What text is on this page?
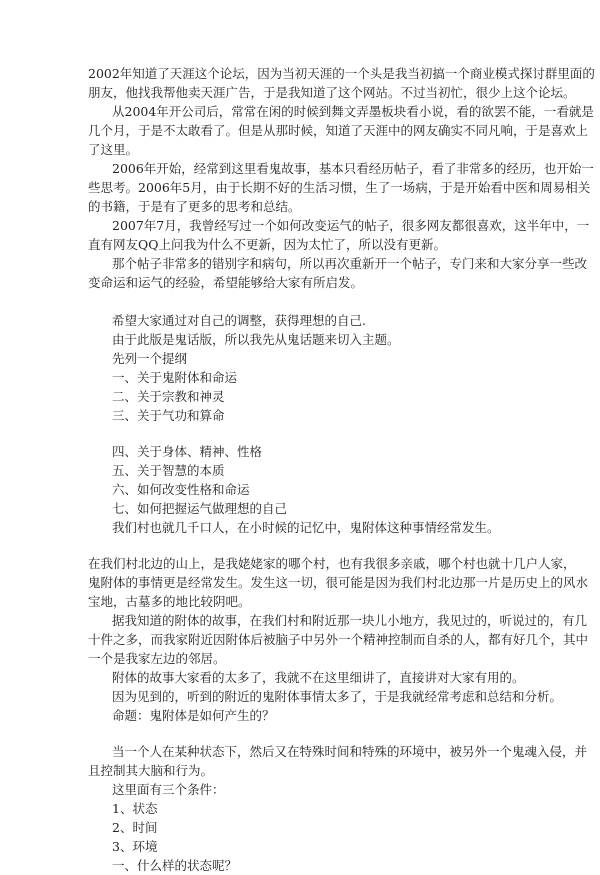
2002年知道了天涯这个论坛，因为当初天涯的一个头是我当初搞一个商业模式探讨群里面的
朋友，他找我帮他卖天涯广告，于是我知道了这个网站。不过当初忙，很少上这个论坛。
从2004年开公司后，常常在闲的时候到舞文弄墨板块看小说，看的欲罢不能，一看就是
几个月，于是不太敢看了。但是从那时候，知道了天涯中的网友确实不同凡响，于是喜欢上
了这里。
2006年开始，经常到这里看鬼故事，基本只看经历帖子，看了非常多的经历，也开始一
些思考。2006年5月，由于长期不好的生活习惯，生了一场病，于是开始看中医和周易相关
的书籍，于是有了更多的思考和总结。
2007年7月，我曾经写过一个如何改变运气的帖子，很多网友都很喜欢，这半年中，一
直有网友QQ上问我为什么不更新，因为太忙了，所以没有更新。
那个帖子非常多的错别字和病句，所以再次重新开一个帖子，专门来和大家分享一些改
变命运和运气的经验，希望能够给大家有所启发。
希望大家通过对自己的调整，获得理想的自己.
由于此版是鬼话版，所以我先从鬼话题来切入主题。
先列一个提纲
一、关于鬼附体和命运
二、关于宗教和神灵
三、关于气功和算命
四、关于身体、精神、性格
五、关于智慧的本质
六、如何改变性格和命运
七、如何把握运气做理想的自己
我们村也就几千口人，在小时候的记忆中，鬼附体这种事情经常发生。
在我们村北边的山上，是我姥姥家的哪个村，也有我很多亲戚，哪个村也就十几户人家，
鬼附体的事情更是经常发生。发生这一切，很可能是因为我们村北边那一片是历史上的风水
宝地，古墓多的地比较阴吧。
据我知道的附体的故事，在我们村和附近那一块儿小地方，我见过的，听说过的，有几
十件之多，而我家附近因附体后被脑子中另外一个精神控制而自杀的人，都有好几个，其中
一个是我家左边的邻居。
附体的故事大家看的太多了，我就不在这里细讲了，直接讲对大家有用的。
因为见到的，听到的附近的鬼附体事情太多了，于是我就经常考虑和总结和分析。
命题：鬼附体是如何产生的？
当一个人在某种状态下，然后又在特殊时间和特殊的环境中，被另外一个鬼魂入侵，并
且控制其大脑和行为。
这里面有三个条件：
1、状态
2、时间
3、环境
一、什么样的状态呢？
